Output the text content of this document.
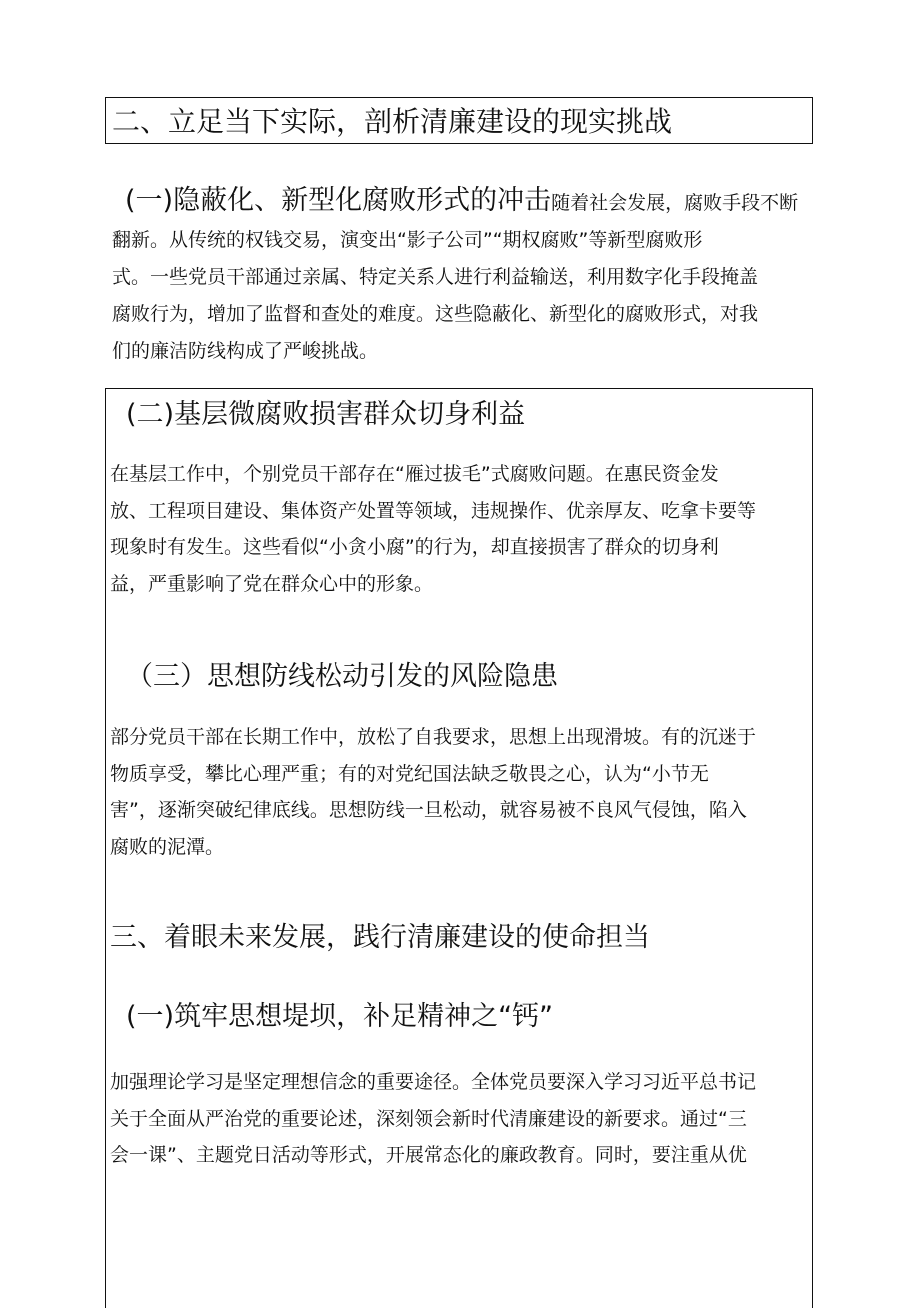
二、立足当下实际，剖析清廉建设的现实挑战
(一)隐蔽化、新型化腐败形式的冲击随着社会发展，腐败手段不断
翻新。从传统的权钱交易，演变出“影子公司”“期权腐败”等新型腐败形
式。一些党员干部通过亲属、特定关系人进行利益输送，利用数字化手段掩盖
腐败行为，增加了监督和查处的难度。这些隐蔽化、新型化的腐败形式，对我
们的廉洁防线构成了严峻挑战。
(二)基层微腐败损害群众切身利益
在基层工作中，个别党员干部存在“雁过拔毛”式腐败问题。在惠民资金发
放、工程项目建设、集体资产处置等领域，违规操作、优亲厚友、吃拿卡要等
现象时有发生。这些看似“小贪小腐”的行为，却直接损害了群众的切身利
益，严重影响了党在群众心中的形象。
（三）思想防线松动引发的风险隐患
部分党员干部在长期工作中，放松了自我要求，思想上出现滑坡。有的沉迷于
物质享受，攀比心理严重；有的对党纪国法缺乏敬畏之心，认为“小节无
害”，逐渐突破纪律底线。思想防线一旦松动，就容易被不良风气侵蚀，陷入
腐败的泥潭。
三、着眼未来发展，践行清廉建设的使命担当
(一)筑牢思想堤坝，补足精神之“钙”
加强理论学习是坚定理想信念的重要途径。全体党员要深入学习习近平总书记
关于全面从严治党的重要论述，深刻领会新时代清廉建设的新要求。通过“三
会一课”、主题党日活动等形式，开展常态化的廉政教育。同时，要注重从优
